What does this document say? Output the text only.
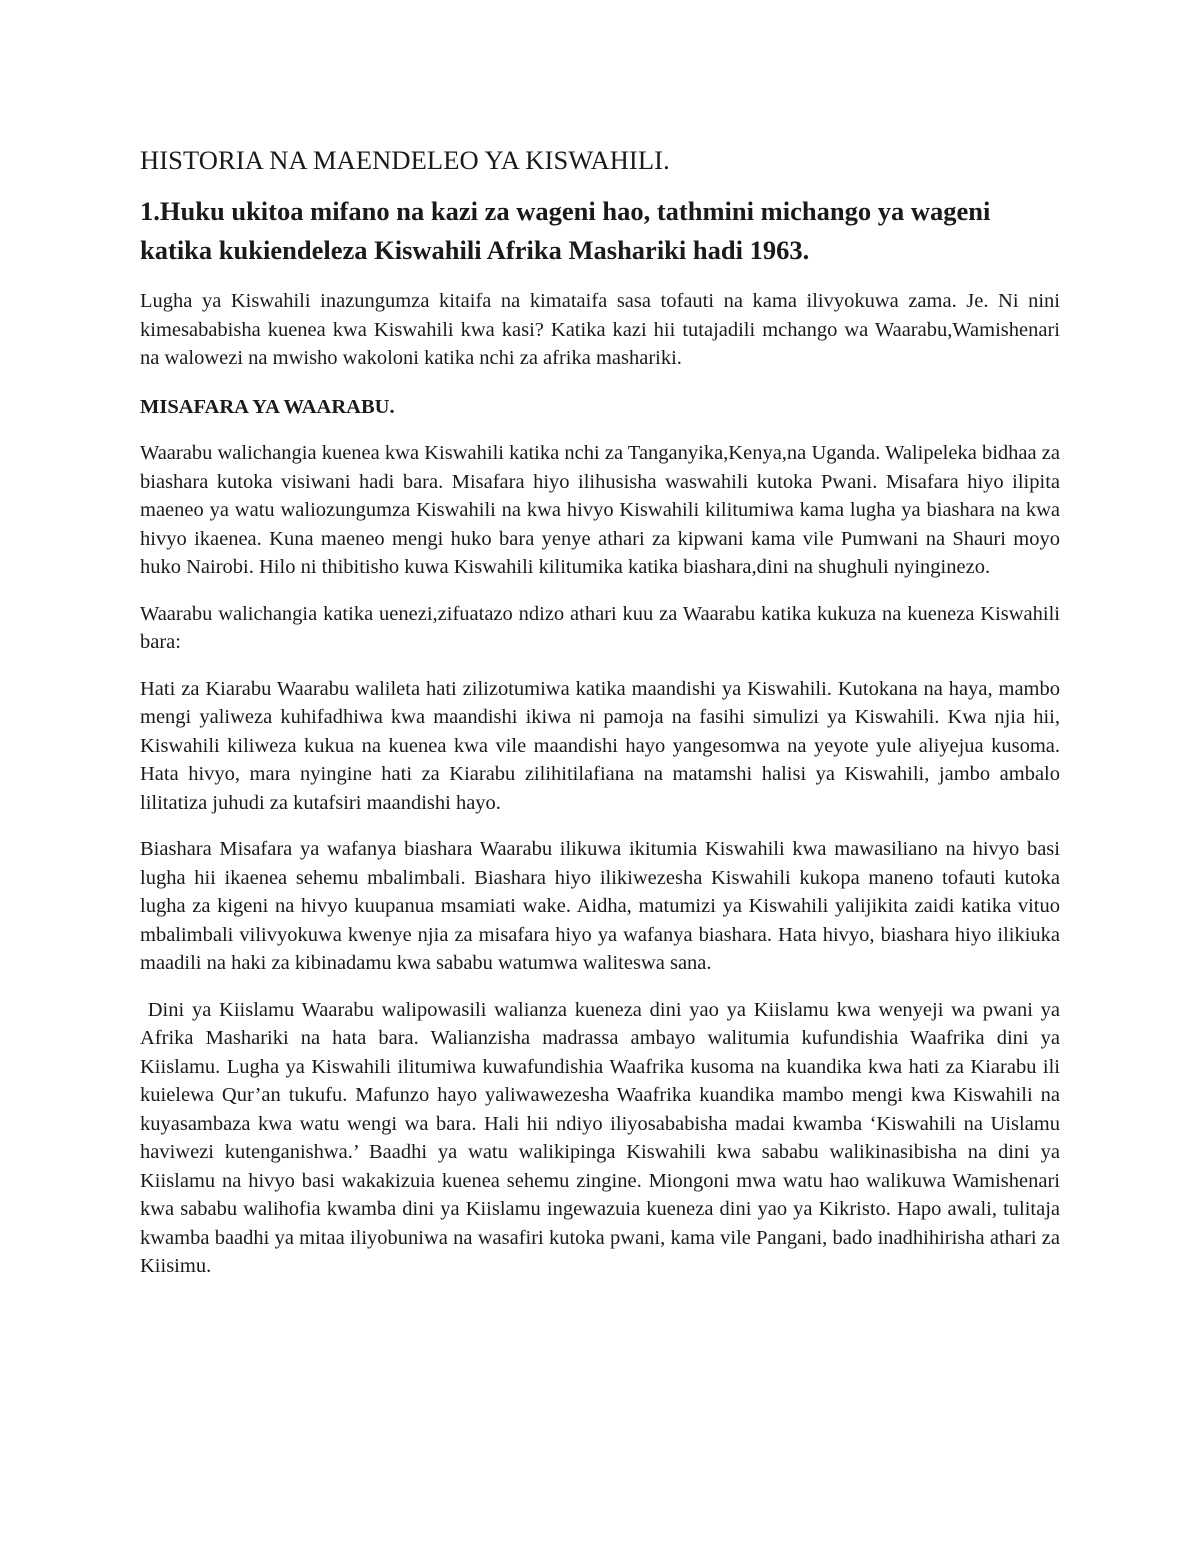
HISTORIA NA MAENDELEO YA KISWAHILI.
1.Huku ukitoa mifano na kazi za wageni hao, tathmini michango ya wageni katika kukiendeleza Kiswahili Afrika Mashariki hadi 1963.

Lugha ya Kiswahili inazungumza kitaifa na kimataifa sasa tofauti na kama ilivyokuwa zama. Je. Ni nini kimesababisha kuenea kwa Kiswahili kwa kasi? Katika kazi hii tutajadili mchango wa Waarabu,Wamishenari na walowezi na mwisho wakoloni katika nchi za afrika mashariki.

MISAFARA YA WAARABU.

Waarabu walichangia kuenea kwa Kiswahili katika nchi za Tanganyika,Kenya,na Uganda. Walipeleka bidhaa za biashara kutoka visiwani hadi bara. Misafara hiyo ilihusisha waswahili kutoka Pwani. Misafara hiyo ilipita maeneo ya watu waliozungumza Kiswahili na kwa hivyo Kiswahili kilitumiwa kama lugha ya biashara na kwa hivyo ikaenea. Kuna maeneo mengi huko bara yenye athari za kipwani kama vile Pumwani na Shauri moyo huko Nairobi. Hilo ni thibitisho kuwa Kiswahili kilitumika katika biashara,dini na shughuli nyinginezo.

Waarabu walichangia katika uenezi,zifuatazo ndizo athari kuu za Waarabu katika kukuza na kueneza Kiswahili bara:

Hati za Kiarabu Waarabu walileta hati zilizotumiwa katika maandishi ya Kiswahili. Kutokana na haya, mambo mengi yaliweza kuhifadhiwa kwa maandishi ikiwa ni pamoja na fasihi simulizi ya Kiswahili. Kwa njia hii, Kiswahili kiliweza kukua na kuenea kwa vile maandishi hayo yangesomwa na yeyote yule aliyejua kusoma. Hata hivyo, mara nyingine hati za Kiarabu zilihitilafiana na matamshi halisi ya Kiswahili, jambo ambalo lilitatiza juhudi za kutafsiri maandishi hayo.

Biashara Misafara ya wafanya biashara Waarabu ilikuwa ikitumia Kiswahili kwa mawasiliano na hivyo basi lugha hii ikaenea sehemu mbalimbali. Biashara hiyo ilikiwezesha Kiswahili kukopa maneno tofauti kutoka lugha za kigeni na hivyo kuupanua msamiati wake. Aidha, matumizi ya Kiswahili yalijikita zaidi katika vituo mbalimbali vilivyokuwa kwenye njia za misafara hiyo ya wafanya biashara. Hata hivyo, biashara hiyo ilikiuka maadili na haki za kibinadamu kwa sababu watumwa waliteswa sana.

Dini ya Kiislamu Waarabu walipowasili walianza kueneza dini yao ya Kiislamu kwa wenyeji wa pwani ya Afrika Mashariki na hata bara. Walianzisha madrassa ambayo walitumia kufundishia Waafrika dini ya Kiislamu. Lugha ya Kiswahili ilitumiwa kuwafundishia Waafrika kusoma na kuandika kwa hati za Kiarabu ili kuielewa Qur’an tukufu. Mafunzo hayo yaliwawezesha Waafrika kuandika mambo mengi kwa Kiswahili na kuyasambaza kwa watu wengi wa bara. Hali hii ndiyo iliyosababisha madai kwamba ‘Kiswahili na Uislamu haviwezi kutenganishwa.’ Baadhi ya watu walikipinga Kiswahili kwa sababu walikinasibisha na dini ya Kiislamu na hivyo basi wakakizuia kuenea sehemu zingine. Miongoni mwa watu hao walikuwa Wamishenari kwa sababu walihofia kwamba dini ya Kiislamu ingewazuia kueneza dini yao ya Kikristo. Hapo awali, tulitaja kwamba baadhi ya mitaa iliyobuniwa na wasafiri kutoka pwani, kama vile Pangani, bado inadhihirisha athari za Kiisimu.
